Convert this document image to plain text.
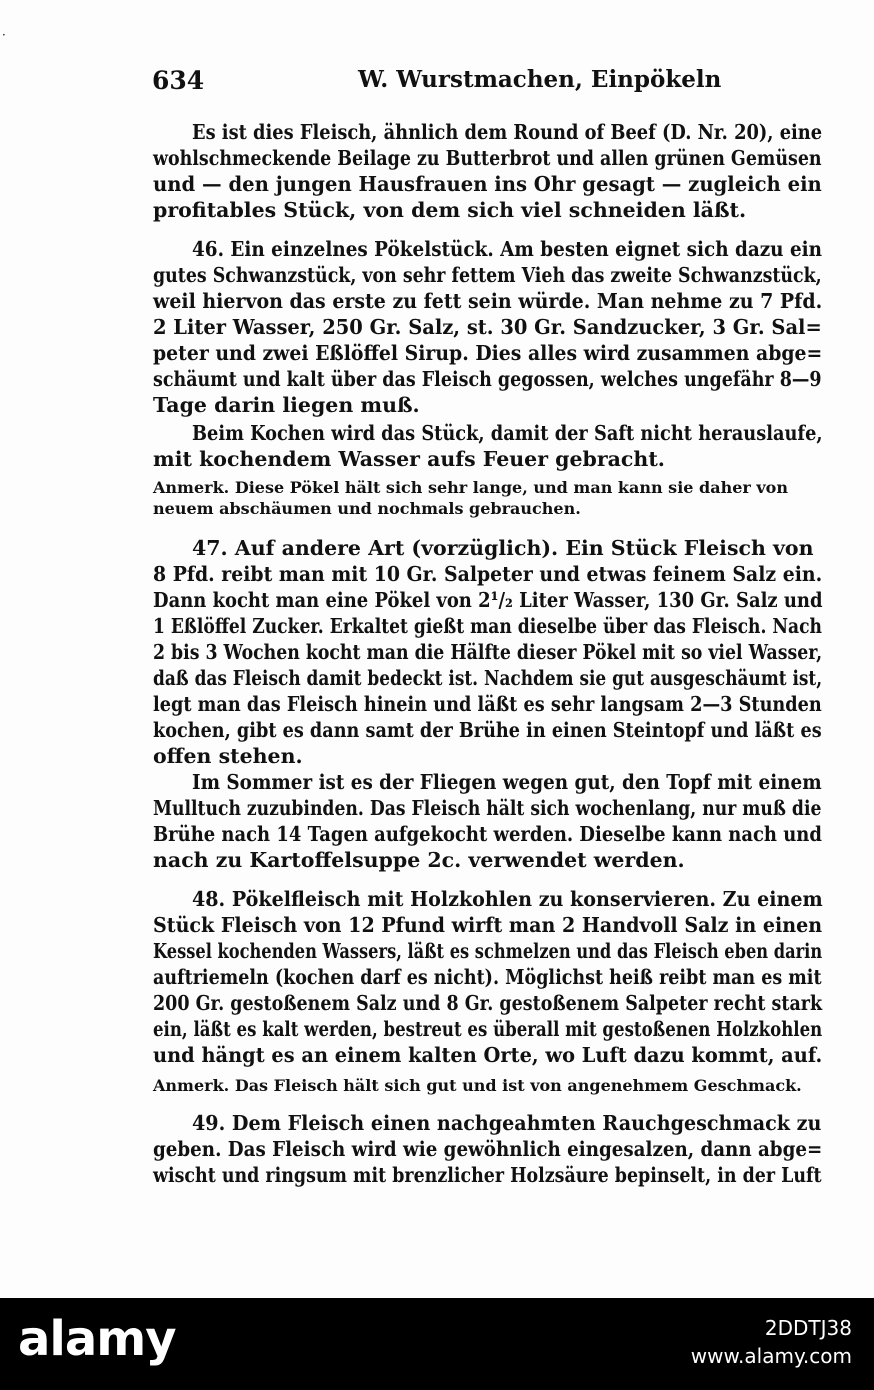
·
634	W. Wurstmachen, Einpökeln
Es ist dies Fleisch, ähnlich dem Round of Beef (D. Nr. 20), eine
wohlschmeckende Beilage zu Butterbrot und allen grünen Gemüsen
und — den jungen Hausfrauen ins Ohr gesagt — zugleich ein
profitables Stück, von dem sich viel schneiden läßt.
46. Ein einzelnes Pökelstück. Am besten eignet sich dazu ein
gutes Schwanzstück, von sehr fettem Vieh das zweite Schwanzstück,
weil hiervon das erste zu fett sein würde. Man nehme zu 7 Pfd.
2 Liter Wasser, 250 Gr. Salz, st. 30 Gr. Sandzucker, 3 Gr. Sal=
peter und zwei Eßlöffel Sirup. Dies alles wird zusammen abge=
schäumt und kalt über das Fleisch gegossen, welches ungefähr 8—9
Tage darin liegen muß.
Beim Kochen wird das Stück, damit der Saft nicht herauslaufe,
mit kochendem Wasser aufs Feuer gebracht.
Anmerk. Diese Pökel hält sich sehr lange, und man kann sie daher von
neuem abschäumen und nochmals gebrauchen.
47. Auf andere Art (vorzüglich). Ein Stück Fleisch von
8 Pfd. reibt man mit 10 Gr. Salpeter und etwas feinem Salz ein.
Dann kocht man eine Pökel von 2¹/₂ Liter Wasser, 130 Gr. Salz und
1 Eßlöffel Zucker. Erkaltet gießt man dieselbe über das Fleisch. Nach
2 bis 3 Wochen kocht man die Hälfte dieser Pökel mit so viel Wasser,
daß das Fleisch damit bedeckt ist. Nachdem sie gut ausgeschäumt ist,
legt man das Fleisch hinein und läßt es sehr langsam 2—3 Stunden
kochen, gibt es dann samt der Brühe in einen Steintopf und läßt es
offen stehen.
Im Sommer ist es der Fliegen wegen gut, den Topf mit einem
Mulltuch zuzubinden. Das Fleisch hält sich wochenlang, nur muß die
Brühe nach 14 Tagen aufgekocht werden. Dieselbe kann nach und
nach zu Kartoffelsuppe 2c. verwendet werden.
48. Pökelfleisch mit Holzkohlen zu konservieren. Zu einem
Stück Fleisch von 12 Pfund wirft man 2 Handvoll Salz in einen
Kessel kochenden Wassers, läßt es schmelzen und das Fleisch eben darin
auftriemeln (kochen darf es nicht). Möglichst heiß reibt man es mit
200 Gr. gestoßenem Salz und 8 Gr. gestoßenem Salpeter recht stark
ein, läßt es kalt werden, bestreut es überall mit gestoßenen Holzkohlen
und hängt es an einem kalten Orte, wo Luft dazu kommt, auf.
Anmerk. Das Fleisch hält sich gut und ist von angenehmem Geschmack.
49. Dem Fleisch einen nachgeahmten Rauchgeschmack zu
geben. Das Fleisch wird wie gewöhnlich eingesalzen, dann abge=
wischt und ringsum mit brenzlicher Holzsäure bepinselt, in der Luft
alamy	2DDTJ38
www.alamy.com
